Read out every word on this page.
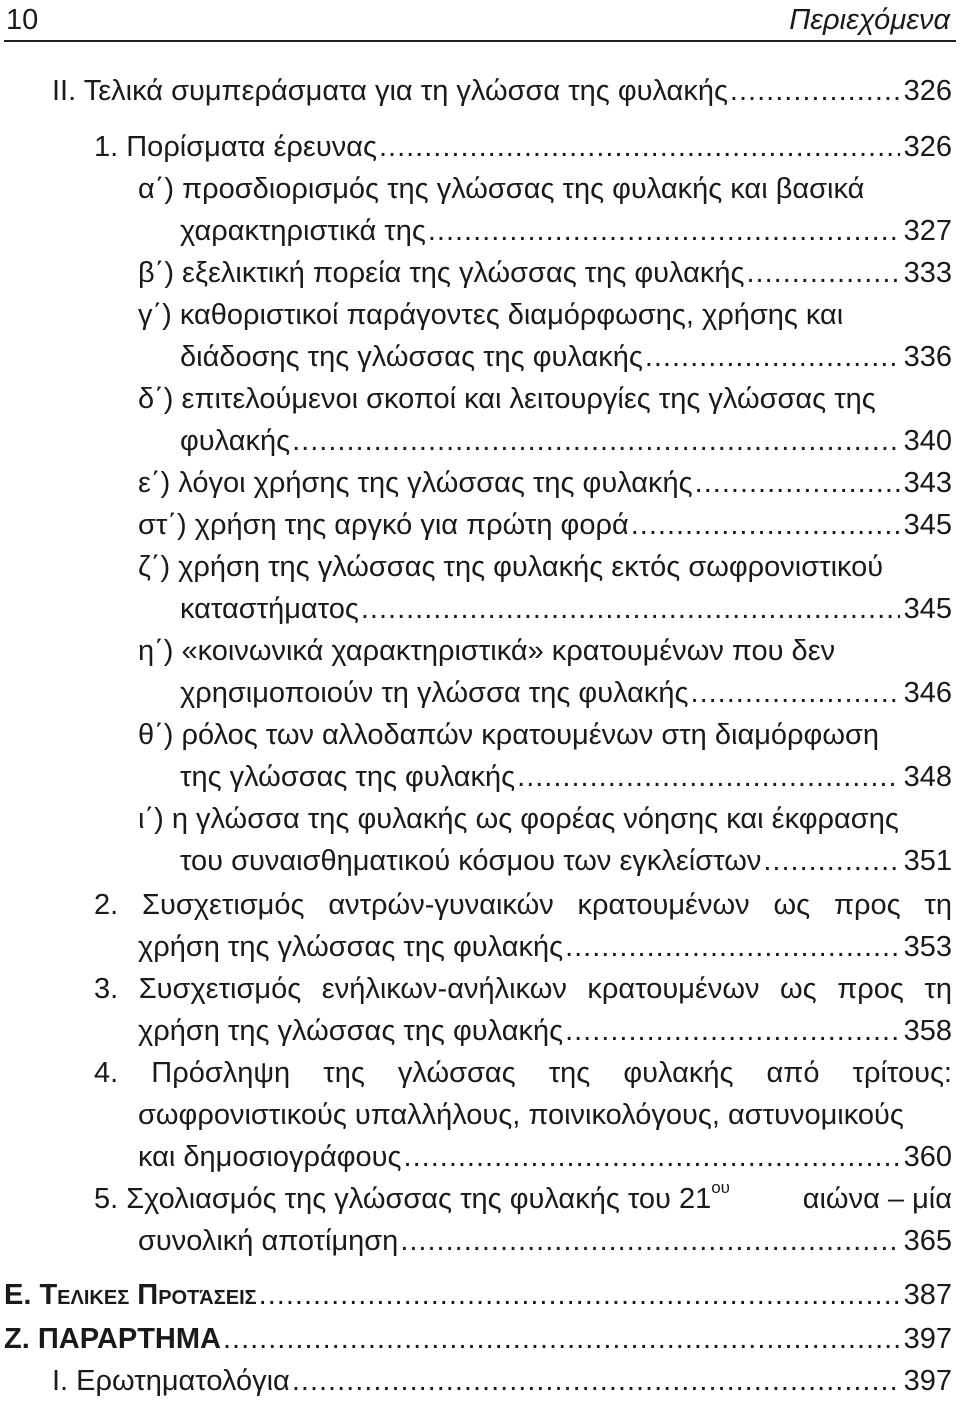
10	Περιεχόμενα
ΙΙ. Τελικά συμπεράσματα για τη γλώσσα της φυλακής .....	326
1. Πορίσματα έρευνας .....	326
α΄) προσδιορισμός της γλώσσας της φυλακής και βασικά
χαρακτηριστικά της .....	327
β΄) εξελικτική πορεία της γλώσσας της φυλακής .....	333
γ΄) καθοριστικοί παράγοντες διαμόρφωσης, χρήσης και
διάδοσης της γλώσσας της φυλακής .....	336
δ΄) επιτελούμενοι σκοποί και λειτουργίες της γλώσσας της
φυλακής .....	340
ε΄) λόγοι χρήσης της γλώσσας της φυλακής .....	343
στ΄) χρήση της αργκό για πρώτη φορά .....	345
ζ΄) χρήση της γλώσσας της φυλακής εκτός σωφρονιστικού
καταστήματος .....	345
η΄) «κοινωνικά χαρακτηριστικά» κρατουμένων που δεν
χρησιμοποιούν τη γλώσσα της φυλακής .....	346
θ΄) ρόλος των αλλοδαπών κρατουμένων στη διαμόρφωση
της γλώσσας της φυλακής .....	348
ι΄) η γλώσσα της φυλακής ως φορέας νόησης και έκφρασης
του συναισθηματικού κόσμου των εγκλείστων .....	351
2. Συσχετισμός αντρών-γυναικών κρατουμένων ως προς τη
χρήση της γλώσσας της φυλακής .....	353
3. Συσχετισμός ενήλικων-ανήλικων κρατουμένων ως προς τη
χρήση της γλώσσας της φυλακής .....	358
4. Πρόσληψη της γλώσσας της φυλακής από τρίτους:
σωφρονιστικούς υπαλλήλους, ποινικολόγους, αστυνομικούς
και δημοσιογράφους .....	360
5. Σχολιασμός της γλώσσας της φυλακής του $21^{o\upsilon}$	αιώνα – μία
συνολική αποτίμηση .....	365
Ε. Τελικες Προτάσεις .....	387
Ζ. ΠΑΡΑΡΤΗΜΑ .....	397
Ι. Ερωτηματολόγια .....	397
